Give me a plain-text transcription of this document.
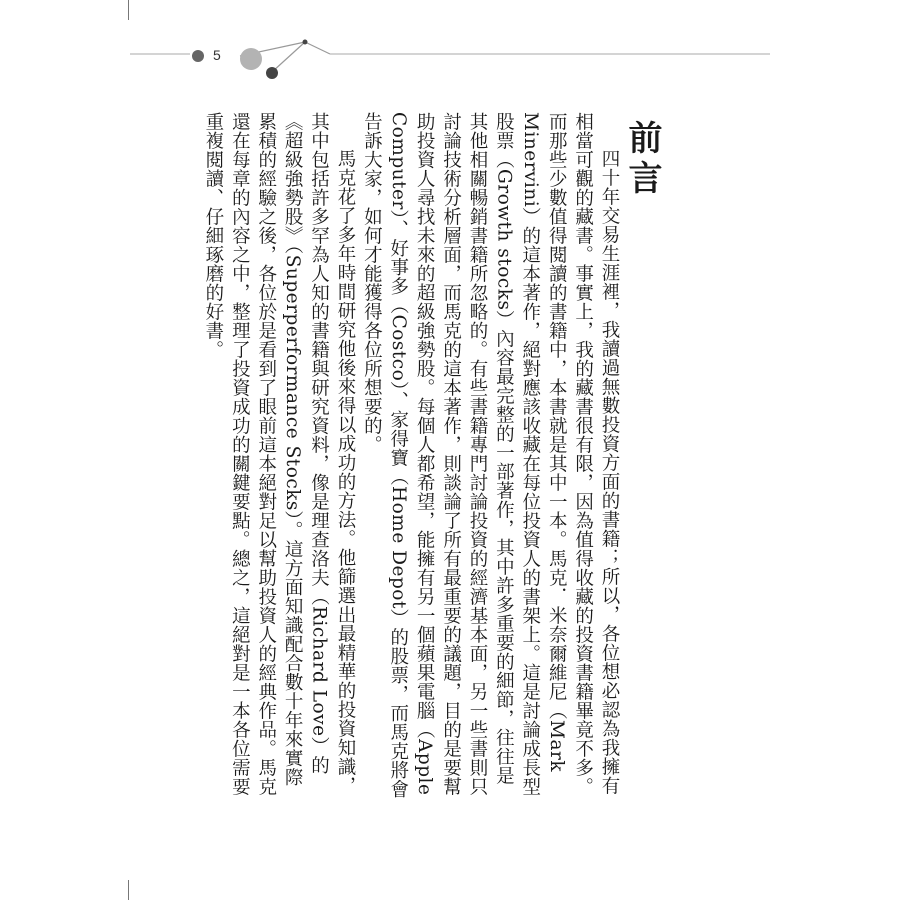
5
前言

四十年交易生涯裡，我讀過無數投資方面的書籍；所以，各位想必認為我擁有相當可觀的藏書。事實上，我的藏書很有限，因為值得收藏的投資書籍畢竟不多。而那些少數值得閱讀的書籍中，本書就是其中一本。馬克．米奈爾維尼（Mark Minervini）的這本著作，絕對應該收藏在每位投資人的書架上。這是討論成長型股票（Growth stocks）內容最完整的一部著作，其中許多重要的細節，往往是其他相關暢銷書籍所忽略的。有些書籍專門討論投資的經濟基本面，另一些書則只討論技術分析層面，而馬克的這本著作，則談論了所有最重要的議題，目的是要幫助投資人尋找未來的超級強勢股。每個人都希望，能擁有另一個蘋果電腦（Apple Computer）、好事多（Costco）、家得寶（Home Depot）的股票，而馬克將會告訴大家，如何才能獲得各位所想要的。

馬克花了多年時間研究他後來得以成功的方法。他篩選出最精華的投資知識，其中包括許多罕為人知的書籍與研究資料，像是理查洛夫（Richard Love）的《超級強勢股》（Superperformance Stocks）。這方面知識配合數十年來實際累積的經驗之後，各位於是看到了眼前這本絕對足以幫助投資人的經典作品。馬克還在每章的內容之中，整理了投資成功的關鍵要點。總之，這絕對是一本各位需要重複閱讀、仔細琢磨的好書。
